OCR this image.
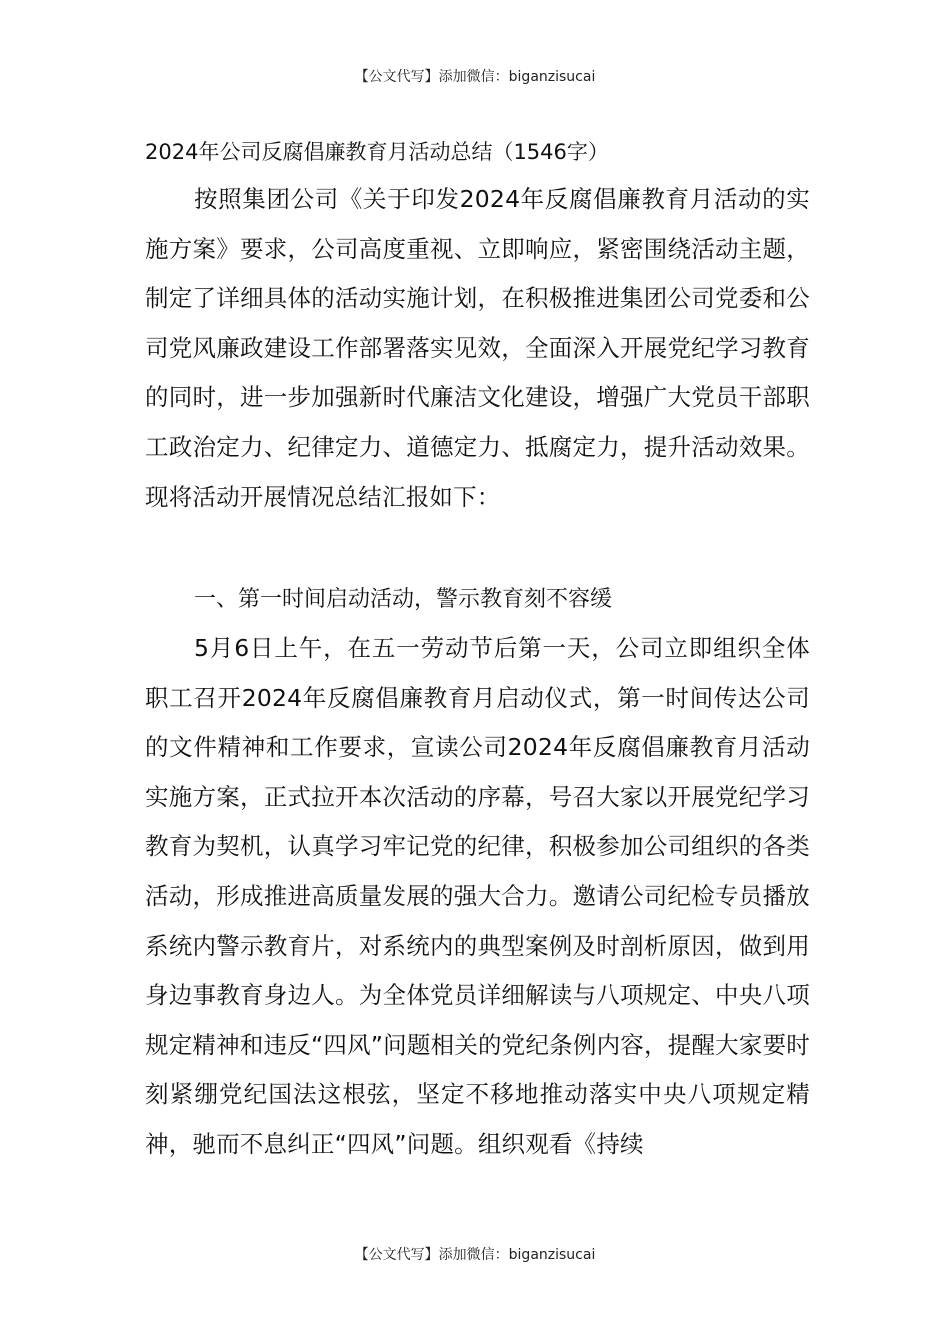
【公文代写】添加微信：biganzisucai
2024年公司反腐倡廉教育月活动总结（1546字）
按照集团公司《关于印发2024年反腐倡廉教育月活动的实施方案》要求，公司高度重视、立即响应，紧密围绕活动主题，制定了详细具体的活动实施计划，在积极推进集团公司党委和公司党风廉政建设工作部署落实见效，全面深入开展党纪学习教育的同时，进一步加强新时代廉洁文化建设，增强广大党员干部职工政治定力、纪律定力、道德定力、抵腐定力，提升活动效果。现将活动开展情况总结汇报如下：
一、第一时间启动活动，警示教育刻不容缓
5月6日上午，在五一劳动节后第一天，公司立即组织全体职工召开2024年反腐倡廉教育月启动仪式，第一时间传达公司的文件精神和工作要求，宣读公司2024年反腐倡廉教育月活动实施方案，正式拉开本次活动的序幕，号召大家以开展党纪学习教育为契机，认真学习牢记党的纪律，积极参加公司组织的各类活动，形成推进高质量发展的强大合力。邀请公司纪检专员播放系统内警示教育片，对系统内的典型案例及时剖析原因，做到用身边事教育身边人。为全体党员详细解读与八项规定、中央八项规定精神和违反“四风”问题相关的党纪条例内容，提醒大家要时刻紧绷党纪国法这根弦，坚定不移地推动落实中央八项规定精神，驰而不息纠正“四风”问题。组织观看《持续
【公文代写】添加微信：biganzisucai
